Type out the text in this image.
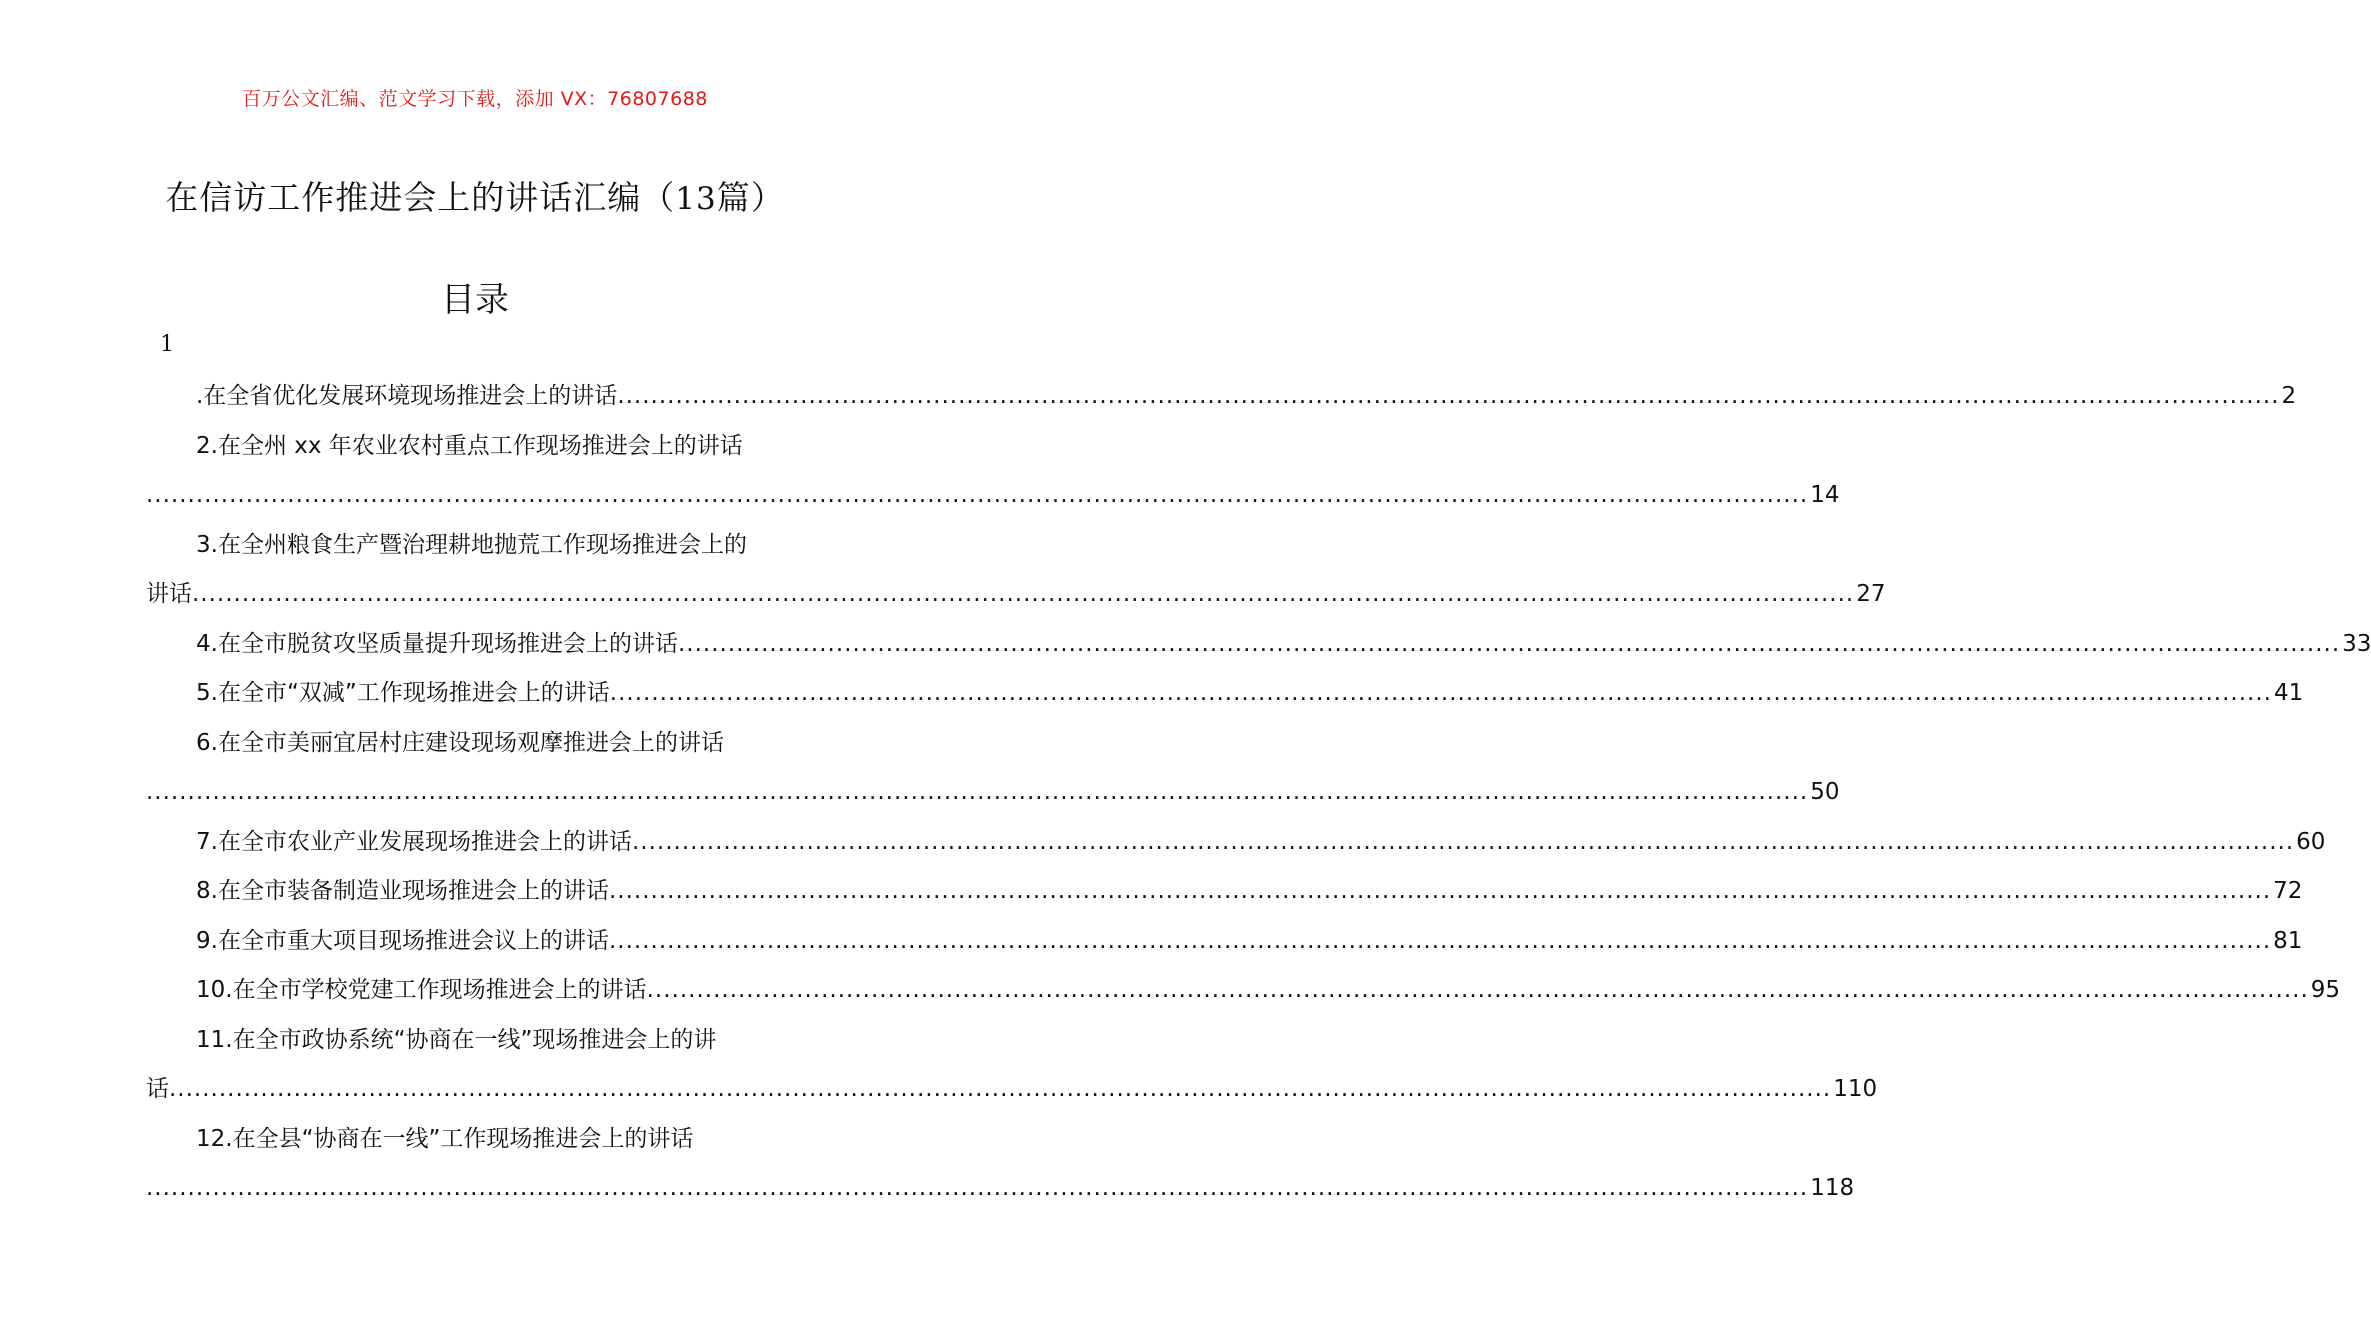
百万公文汇编、范文学习下载，添加 VX：76807688
在信访工作推进会上的讲话汇编（13篇）
目录
1
.在全省优化发展环境现场推进会上的讲话 ........................................................................................................................................................................................................ 2
2.在全州 xx 年农业农村重点工作现场推进会上的讲话
........................................................................................................................................................................................................ 14
3.在全州粮食生产暨治理耕地抛荒工作现场推进会上的
讲话 ........................................................................................................................................................................................................ 27
4.在全市脱贫攻坚质量提升现场推进会上的讲话 ........................................................................................................................................................................................................ 33
5.在全市“双减”工作现场推进会上的讲话 ........................................................................................................................................................................................................ 41
6.在全市美丽宜居村庄建设现场观摩推进会上的讲话
........................................................................................................................................................................................................ 50
7.在全市农业产业发展现场推进会上的讲话 ........................................................................................................................................................................................................ 60
8.在全市装备制造业现场推进会上的讲话 ........................................................................................................................................................................................................ 72
9.在全市重大项目现场推进会议上的讲话 ........................................................................................................................................................................................................ 81
10.在全市学校党建工作现场推进会上的讲话 ........................................................................................................................................................................................................ 95
11.在全市政协系统“协商在一线”现场推进会上的讲
话 ........................................................................................................................................................................................................ 110
12.在全县“协商在一线”工作现场推进会上的讲话
........................................................................................................................................................................................................ 118
